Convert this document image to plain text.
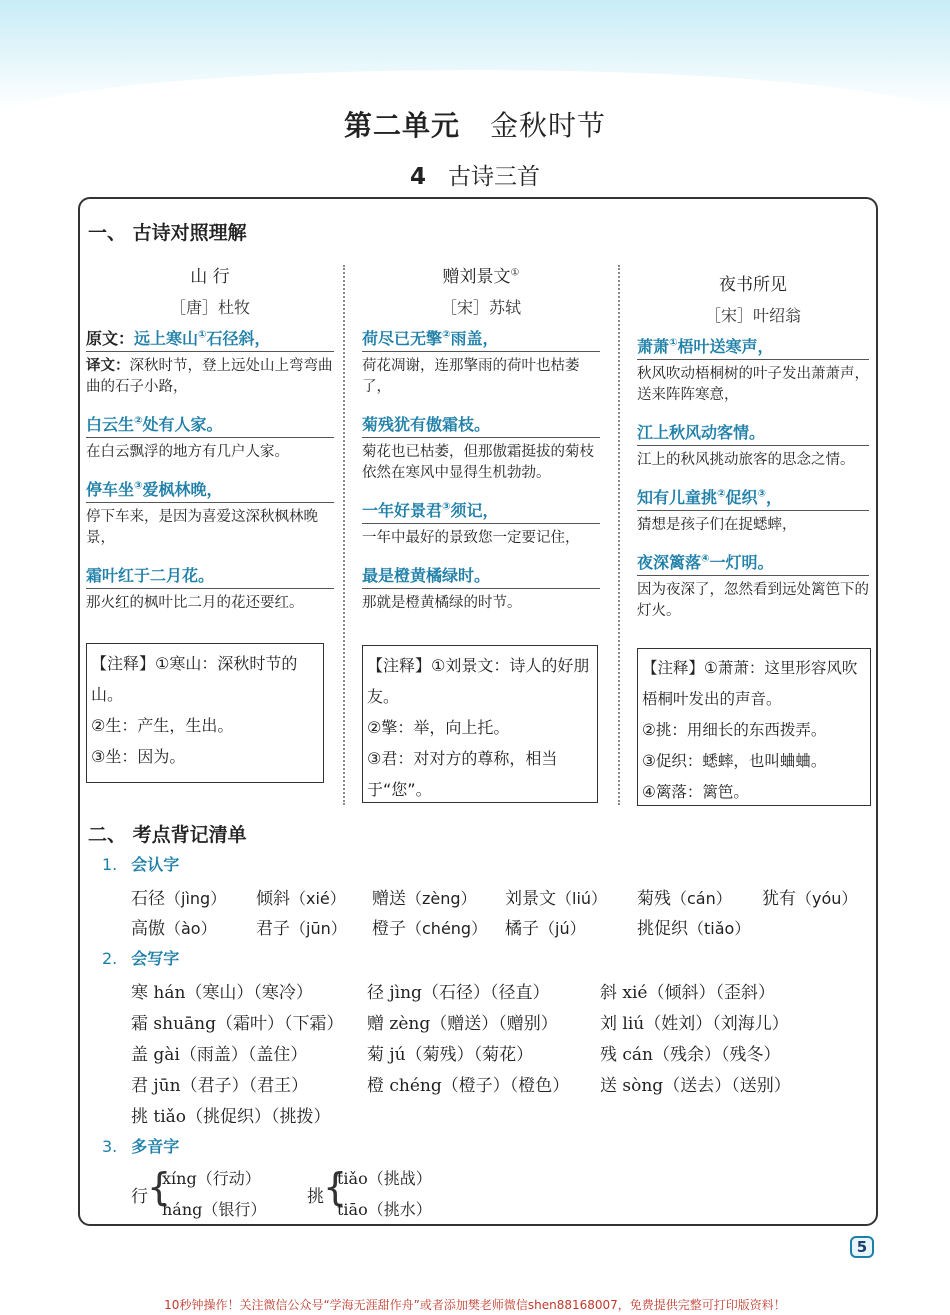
第二单元 金秋时节
4 古诗三首
一、 古诗对照理解
山 行
［唐］杜牧
原文：远上寒山①石径斜，
译文：深秋时节，登上远处山上弯弯曲曲的石子小路，
白云生②处有人家。
在白云飘浮的地方有几户人家。
停车坐③爱枫林晚，
停下车来，是因为喜爱这深秋枫林晚景，
霜叶红于二月花。
那火红的枫叶比二月的花还要红。
【注释】①寒山：深秋时节的山。
②生：产生，生出。
③坐：因为。
赠刘景文①
［宋］苏轼
荷尽已无擎②雨盖，
荷花凋谢，连那擎雨的荷叶也枯萎了，
菊残犹有傲霜枝。
菊花也已枯萎，但那傲霜挺拔的菊枝依然在寒风中显得生机勃勃。
一年好景君③须记，
一年中最好的景致您一定要记住，
最是橙黄橘绿时。
那就是橙黄橘绿的时节。
【注释】①刘景文：诗人的好朋友。
②擎：举，向上托。
③君：对对方的尊称，相当于“您”。
夜书所见
［宋］叶绍翁
萧萧①梧叶送寒声，
秋风吹动梧桐树的叶子发出萧萧声，送来阵阵寒意，
江上秋风动客情。
江上的秋风挑动旅客的思念之情。
知有儿童挑②促织③，
猜想是孩子们在捉蟋蟀，
夜深篱落④一灯明。
因为夜深了，忽然看到远处篱笆下的灯火。
【注释】①萧萧：这里形容风吹梧桐叶发出的声音。
②挑：用细长的东西拨弄。
③促织：蟋蟀，也叫蛐蛐。
④篱落：篱笆。
二、 考点背记清单
1. 会认字
石径（jìng） 倾斜（xié） 赠送（zèng） 刘景文（liú） 菊残（cán） 犹有（yóu）
高傲（ào） 君子（jūn） 橙子（chéng） 橘子（jú）	挑促织（tiǎo）
2. 会写字
寒 hán（寒山）（寒冷）	径 jìng（石径）（径直）	斜 xié（倾斜）（歪斜）
霜 shuāng（霜叶）（下霜） 赠 zèng（赠送）（赠别） 刘 liú（姓刘）（刘海儿）
盖 gài（雨盖）（盖住）	菊 jú（菊残）（菊花）	残 cán（残余）（残冬）
君 jūn（君子）（君王）	橙 chéng（橙子）（橙色） 送 sòng（送去）（送别）
挑 tiǎo（挑促织）（挑拨）
3. 多音字
行 {
xíng（行动）
háng（银行）
挑 {
tiǎo（挑战）
tiāo（挑水）
5
10秒钟操作！关注微信公众号“学海无涯甜作舟”或者添加樊老师微信shen88168007，免费提供完整可打印版资料！
